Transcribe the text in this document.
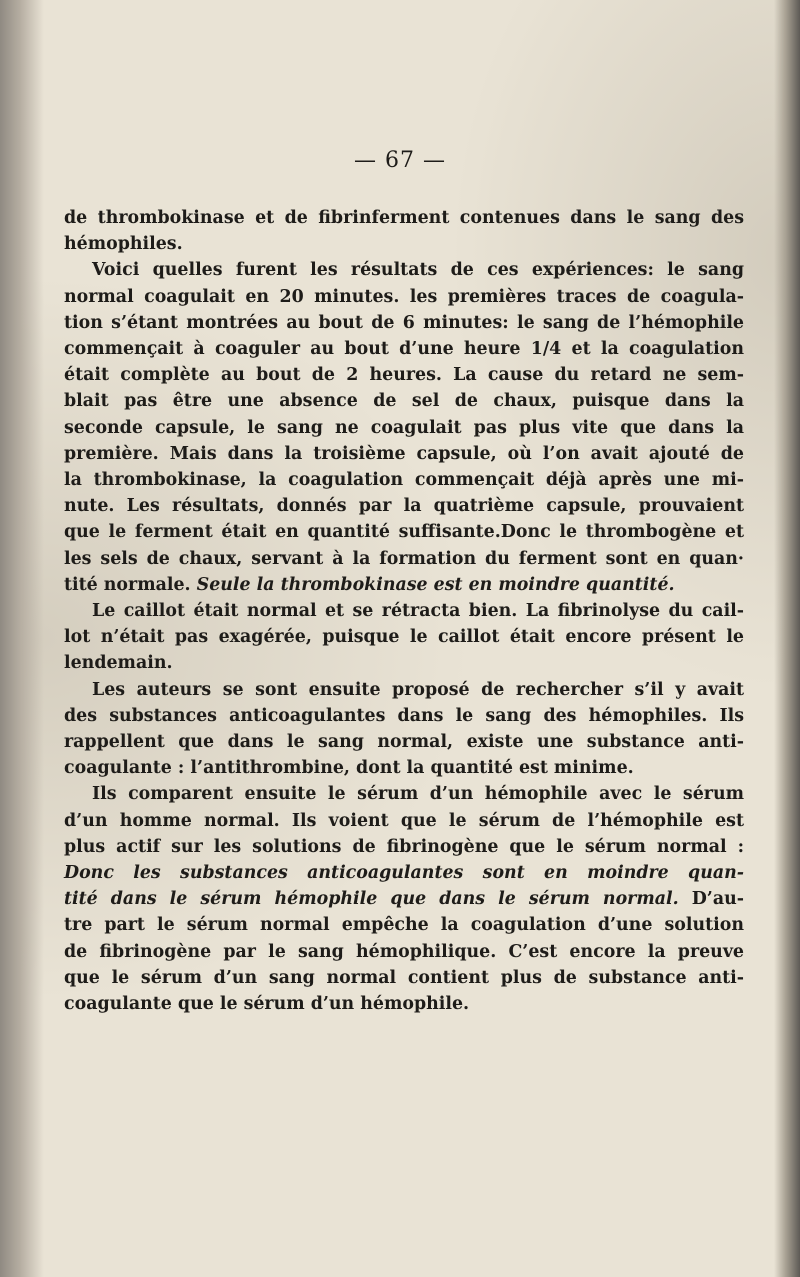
— 67 —

de thrombokinase et de fibrinferment contenues dans le sang des
hémophiles.

Voici quelles furent les résultats de ces expériences: le sang
normal coagulait en 20 minutes. les premières traces de coagula-
tion s’étant montrées au bout de 6 minutes: le sang de l’hémophile
commençait à coaguler au bout d’une heure 1/4 et la coagulation
était complète au bout de 2 heures. La cause du retard ne sem-
blait pas être une absence de sel de chaux, puisque dans la
seconde capsule, le sang ne coagulait pas plus vite que dans la
première. Mais dans la troisième capsule, où l’on avait ajouté de
la thrombokinase, la coagulation commençait déjà après une mi-
nute. Les résultats, donnés par la quatrième capsule, prouvaient
que le ferment était en quantité suffisante.Donc le thrombogène et
les sels de chaux, servant à la formation du ferment sont en quan·
tité normale. Seule la thrombokinase est en moindre quantité.

Le caillot était normal et se rétracta bien. La fibrinolyse du cail-
lot n’était pas exagérée, puisque le caillot était encore présent le
lendemain.

Les auteurs se sont ensuite proposé de rechercher s’il y avait
des substances anticoagulantes dans le sang des hémophiles. Ils
rappellent que dans le sang normal, existe une substance anti-
coagulante : l’antithrombine, dont la quantité est minime.

Ils comparent ensuite le sérum d’un hémophile avec le sérum
d’un homme normal. Ils voient que le sérum de l’hémophile est
plus actif sur les solutions de fibrinogène que le sérum normal :
Donc les substances anticoagulantes sont en moindre quan-
tité dans le sérum hémophile que dans le sérum normal. D’au-
tre part le sérum normal empêche la coagulation d’une solution
de fibrinogène par le sang hémophilique. C’est encore la preuve
que le sérum d’un sang normal contient plus de substance anti-
coagulante que le sérum d’un hémophile.
